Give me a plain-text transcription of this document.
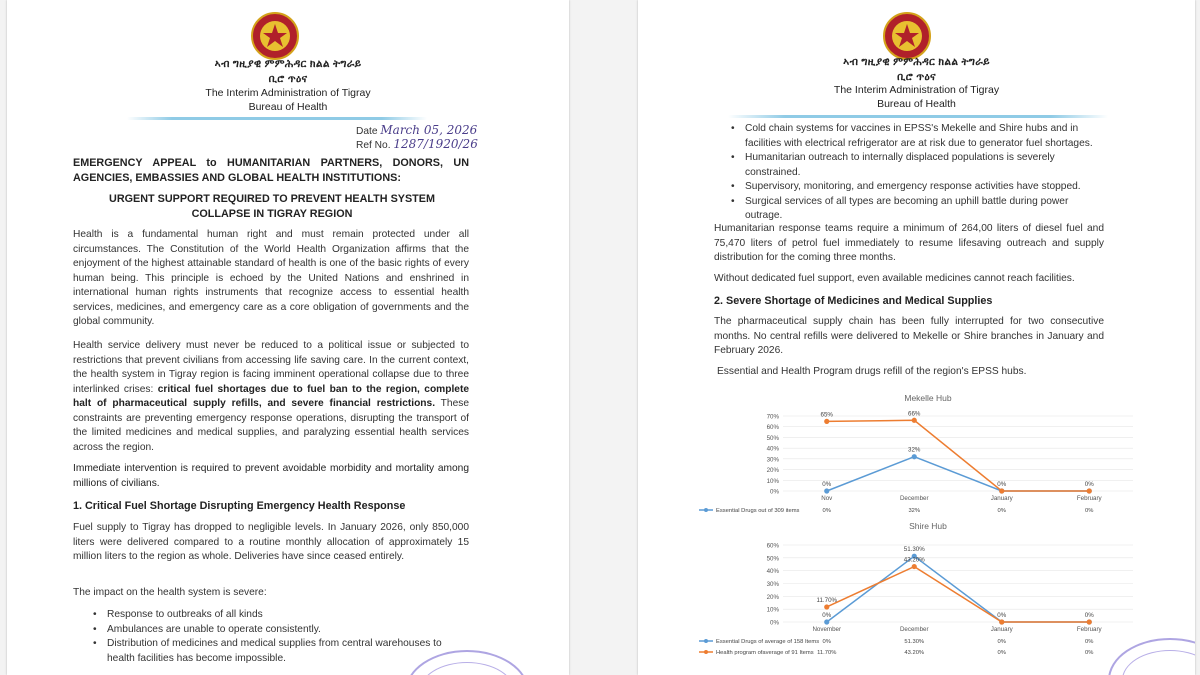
ኣብ ግዚያዊ ምምሕዳር ክልል ትግራይ
ቢሮ ጥዕና
The Interim Administration of Tigray
Bureau of Health
Date March 05, 2026
Ref No. 1287/1920/26
EMERGENCY APPEAL to HUMANITARIAN PARTNERS, DONORS, UN AGENCIES, EMBASSIES AND GLOBAL HEALTH INSTITUTIONS:
URGENT SUPPORT REQUIRED TO PREVENT HEALTH SYSTEM COLLAPSE IN TIGRAY REGION
Health is a fundamental human right and must remain protected under all circumstances. The Constitution of the World Health Organization affirms that the enjoyment of the highest attainable standard of health is one of the basic rights of every human being. This principle is echoed by the United Nations and enshrined in international human rights instruments that recognize access to essential health services, medicines, and emergency care as a core obligation of governments and the global community.
Health service delivery must never be reduced to a political issue or subjected to restrictions that prevent civilians from accessing life saving care. In the current context, the health system in Tigray region is facing imminent operational collapse due to three interlinked crises: critical fuel shortages due to fuel ban to the region, complete halt of pharmaceutical supply refills, and severe financial restrictions. These constraints are preventing emergency response operations, disrupting the transport of the limited medicines and medical supplies, and paralyzing essential health services across the region.
Immediate intervention is required to prevent avoidable morbidity and mortality among millions of civilians.
1. Critical Fuel Shortage Disrupting Emergency Health Response
Fuel supply to Tigray has dropped to negligible levels. In January 2026, only 850,000 liters were delivered compared to a routine monthly allocation of approximately 15 million liters to the region as whole. Deliveries have since ceased entirely.
The impact on the health system is severe:
• Response to outbreaks of all kinds
• Ambulances are unable to operate consistently.
• Distribution of medicines and medical supplies from central warehouses to health facilities has become impossible.
ኣብ ግዚያዊ ምምሕዳር ክልል ትግራይ
ቢሮ ጥዕና
The Interim Administration of Tigray
Bureau of Health
• Cold chain systems for vaccines in EPSS's Mekelle and Shire hubs and in facilities with electrical refrigerator are at risk due to generator fuel shortages.
• Humanitarian outreach to internally displaced populations is severely constrained.
• Supervisory, monitoring, and emergency response activities have stopped.
• Surgical services of all types are becoming an uphill battle during power outrage.
Humanitarian response teams require a minimum of 264,00 liters of diesel fuel and 75,470 liters of petrol fuel immediately to resume lifesaving outreach and supply distribution for the coming three months.
Without dedicated fuel support, even available medicines cannot reach facilities.
2. Severe Shortage of Medicines and Medical Supplies
The pharmaceutical supply chain has been fully interrupted for two consecutive months. No central refills were delivered to Mekelle or Shire branches in January and February 2026.
Essential and Health Program drugs refill of the region's EPSS hubs.
Mekelle Hub
0%
10%
20%
30%
40%
50%
60%
70%
Nov	December	January	February
0%
32%
0%	0%
65%	66%
Essential Drugs out of 309 items	0%	32%	0%	0%
Shire Hub
0%
10%
20%
30%
40%
50%
60%
November	December	January	February
0%
51.30%
0%	0%
11.70%
43.20%
Essential Drugs of average of 158 Items 0%	51.30%	0%	0%
Health program ofaverage of 91 Items 11.70%	43.20%	0%	0%
